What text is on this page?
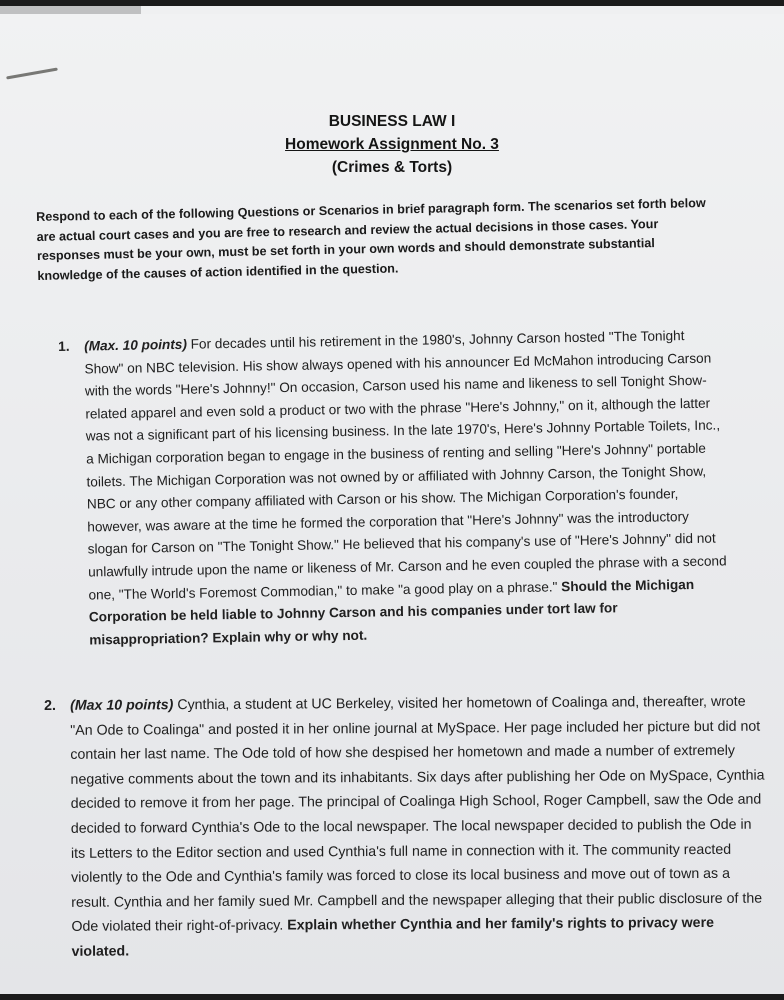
BUSINESS LAW I
Homework Assignment No. 3
(Crimes & Torts)
Respond to each of the following Questions or Scenarios in brief paragraph form. The scenarios set forth below are actual court cases and you are free to research and review the actual decisions in those cases. Your responses must be your own, must be set forth in your own words and should demonstrate substantial knowledge of the causes of action identified in the question.
1. (Max. 10 points) For decades until his retirement in the 1980's, Johnny Carson hosted "The Tonight Show" on NBC television. His show always opened with his announcer Ed McMahon introducing Carson with the words "Here's Johnny!" On occasion, Carson used his name and likeness to sell Tonight Show-related apparel and even sold a product or two with the phrase "Here's Johnny," on it, although the latter was not a significant part of his licensing business. In the late 1970's, Here's Johnny Portable Toilets, Inc., a Michigan corporation began to engage in the business of renting and selling "Here's Johnny" portable toilets. The Michigan Corporation was not owned by or affiliated with Johnny Carson, the Tonight Show, NBC or any other company affiliated with Carson or his show. The Michigan Corporation's founder, however, was aware at the time he formed the corporation that "Here's Johnny" was the introductory slogan for Carson on "The Tonight Show." He believed that his company's use of "Here's Johnny" did not unlawfully intrude upon the name or likeness of Mr. Carson and he even coupled the phrase with a second one, "The World's Foremost Commodian," to make "a good play on a phrase." Should the Michigan Corporation be held liable to Johnny Carson and his companies under tort law for misappropriation? Explain why or why not.
2. (Max 10 points) Cynthia, a student at UC Berkeley, visited her hometown of Coalinga and, thereafter, wrote "An Ode to Coalinga" and posted it in her online journal at MySpace. Her page included her picture but did not contain her last name. The Ode told of how she despised her hometown and made a number of extremely negative comments about the town and its inhabitants. Six days after publishing her Ode on MySpace, Cynthia decided to remove it from her page. The principal of Coalinga High School, Roger Campbell, saw the Ode and decided to forward Cynthia's Ode to the local newspaper. The local newspaper decided to publish the Ode in its Letters to the Editor section and used Cynthia's full name in connection with it. The community reacted violently to the Ode and Cynthia's family was forced to close its local business and move out of town as a result. Cynthia and her family sued Mr. Campbell and the newspaper alleging that their public disclosure of the Ode violated their right-of-privacy. Explain whether Cynthia and her family's rights to privacy were violated.
